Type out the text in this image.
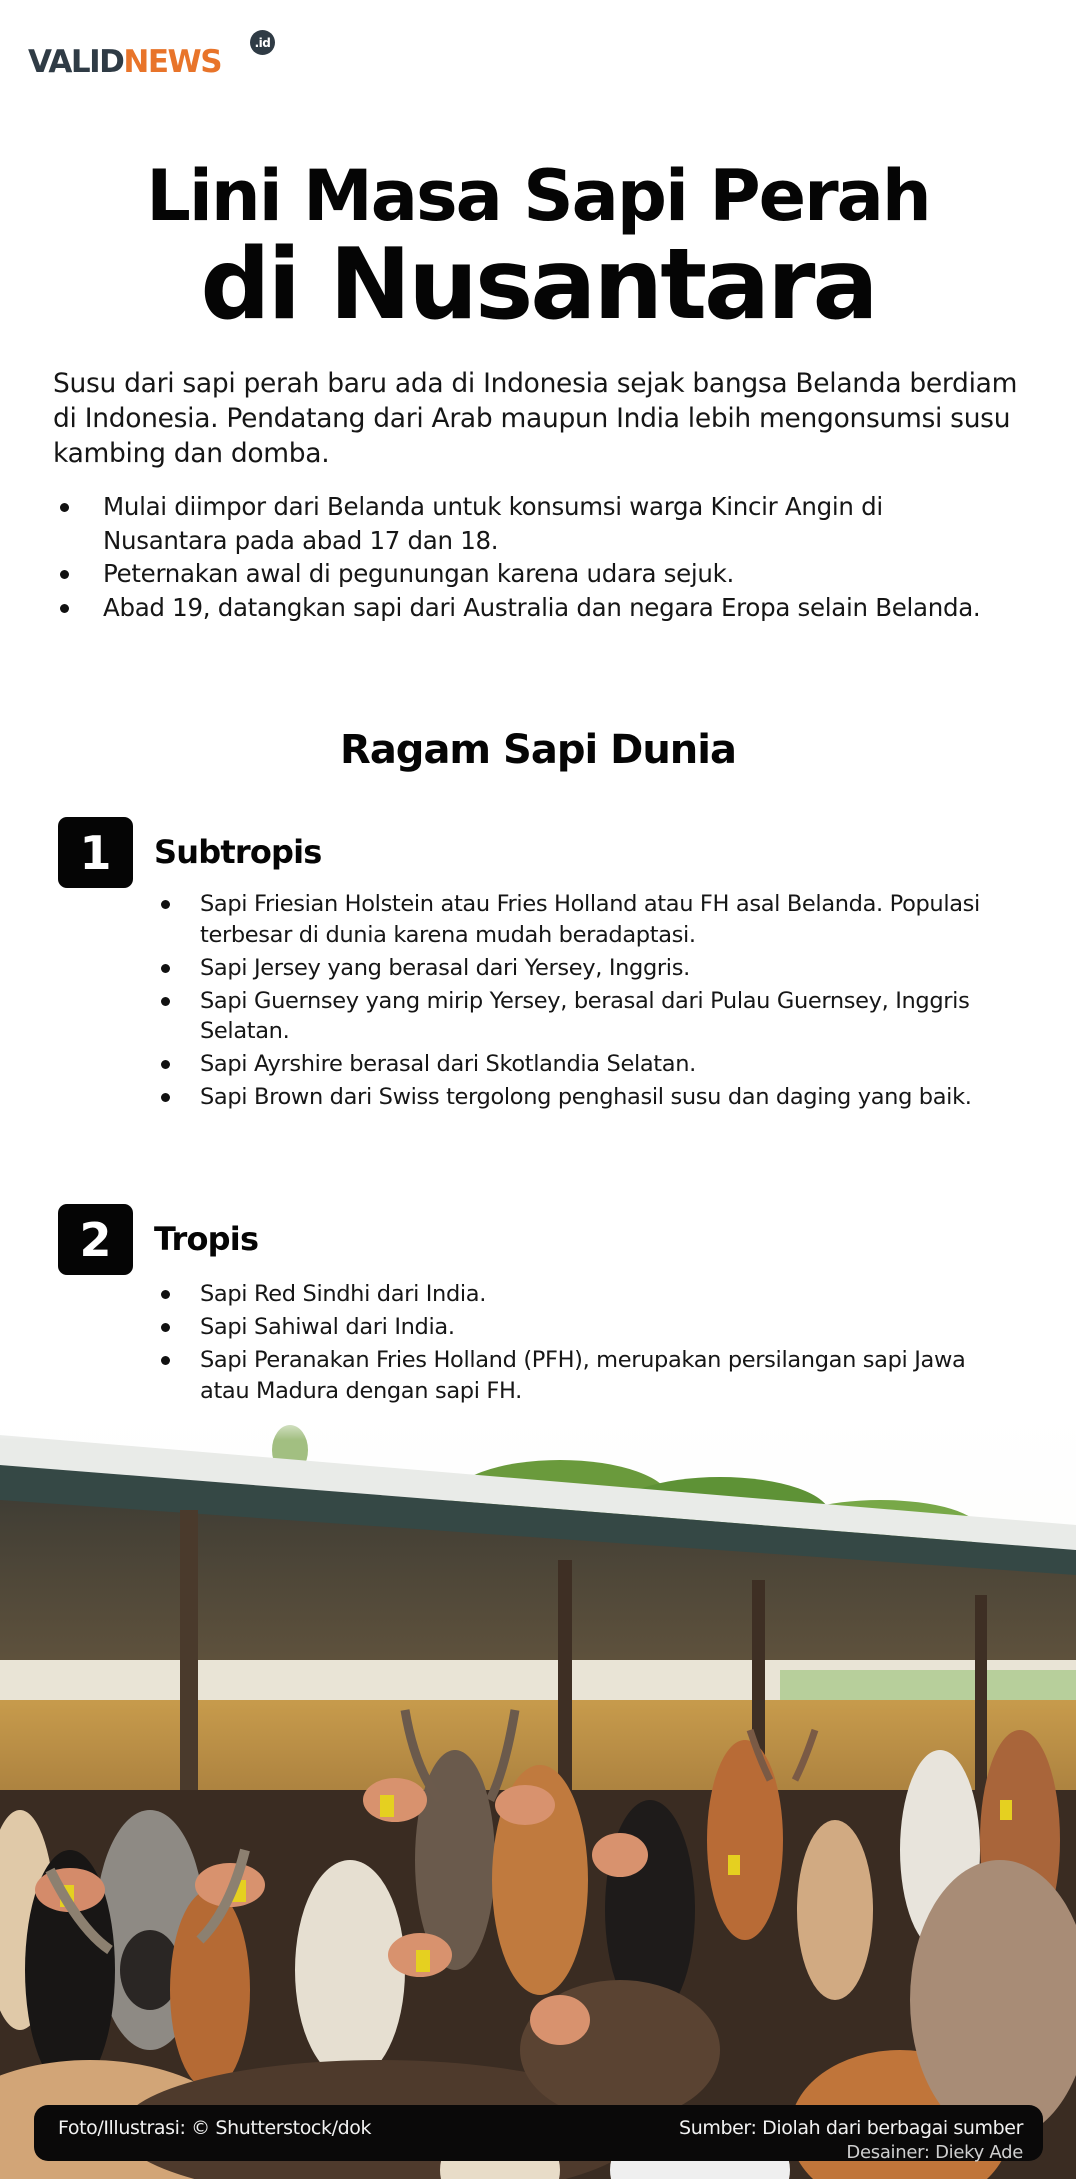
VALID NEWS
.id
Lini Masa Sapi Perah
di Nusantara

Susu dari sapi perah baru ada di Indonesia sejak bangsa Belanda berdiam di Indonesia. Pendatang dari Arab maupun India lebih mengonsumsi susu kambing dan domba.

Mulai diimpor dari Belanda untuk konsumsi warga Kincir Angin di Nusantara pada abad 17 dan 18.
Peternakan awal di pegunungan karena udara sejuk.
Abad 19, datangkan sapi dari Australia dan negara Eropa selain Belanda.
Ragam Sapi Dunia
1	Subtropis
Sapi Friesian Holstein atau Fries Holland atau FH asal Belanda. Populasi terbesar di dunia karena mudah beradaptasi.
Sapi Jersey yang berasal dari Yersey, Inggris.
Sapi Guernsey yang mirip Yersey, berasal dari Pulau Guernsey, Inggris Selatan.
Sapi Ayrshire berasal dari Skotlandia Selatan.
Sapi Brown dari Swiss tergolong penghasil susu dan daging yang baik.
2	Tropis
Sapi Red Sindhi dari India.
Sapi Sahiwal dari India.
Sapi Peranakan Fries Holland (PFH), merupakan persilangan sapi Jawa atau Madura dengan sapi FH.
Foto/Illustrasi: © Shutterstock/dok	Sumber: Diolah dari berbagai sumber
Desainer: Dieky Ade
